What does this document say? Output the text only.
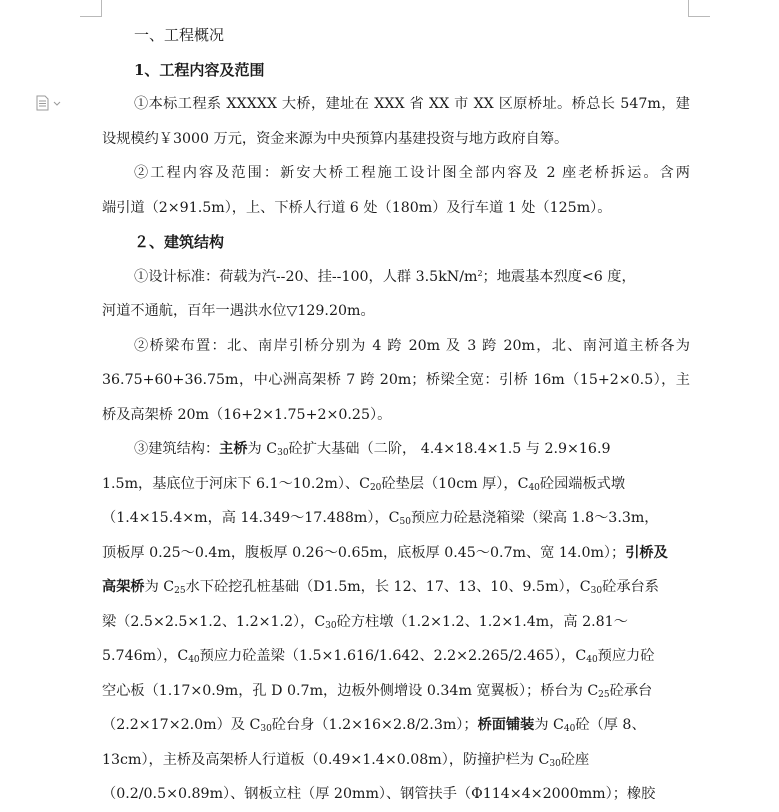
一、工程概况
1、工程内容及范围
①本标工程系 XXXXX 大桥，建址在 XXX 省 XX 市 XX 区原桥址。桥总长 547m，建
设规模约￥3000 万元，资金来源为中央预算内基建投资与地方政府自筹。
②工程内容及范围：新安大桥工程施工设计图全部内容及 2 座老桥拆运。含两
端引道（2×91.5m），上、下桥人行道 6 处（180m）及行车道 1 处（125m）。
２、建筑结构
①设计标准：荷载为汽--20、挂--100，人群 $3.5kN/m^2$；地震基本烈度<6 度，
河道不通航，百年一遇洪水位▽129.20m。
②桥梁布置：北、南岸引桥分别为 4 跨 20m 及 3 跨 20m，北、南河道主桥各为
36.75+60+36.75m，中心洲高架桥 7 跨 20m；桥梁全宽：引桥 16m（15+2×0.5），主
桥及高架桥 20m（16+2×1.75+2×0.25）。
③建筑结构：主桥为 $C_{30}$砼扩大基础（二阶， 4.4×18.4×1.5 与 2.9×16.9
1.5m，基底位于河床下 6.1～10.2m）、$C_{20}$砼垫层（10cm 厚），$C_{40}$砼园端板式墩
（1.4×15.4×m，高 14.349～17.488m），$C_{50}$预应力砼悬浇箱梁（梁高 1.8～3.3m，
顶板厚 0.25～0.4m，腹板厚 0.26～0.65m，底板厚 0.45～0.7m、宽 14.0m）；引桥及
高架桥为 $C_{25}$水下砼挖孔桩基础（D1.5m，长 12、17、13、10、9.5m），$C_{30}$砼承台系
梁（2.5×2.5×1.2、1.2×1.2），$C_{30}$砼方柱墩（1.2×1.2、1.2×1.4m，高 2.81～
5.746m），$C_{40}$预应力砼盖梁（1.5×1.616/1.642、2.2×2.265/2.465），$C_{40}$预应力砼
空心板（1.17×0.9m，孔 D 0.7m，边板外侧增设 0.34m 宽翼板）；桥台为 $C_{25}$砼承台
（2.2×17×2.0m）及 $C_{30}$砼台身（1.2×16×2.8/2.3m）；桥面铺装为 $C_{40}$砼（厚 8、
13cm），主桥及高架桥人行道板（0.49×1.4×0.08m），防撞护栏为 $C_{30}$砼座
（0.2/0.5×0.89m）、钢板立柱（厚 20mm）、钢管扶手（Φ114×4×2000mm）；橡胶
